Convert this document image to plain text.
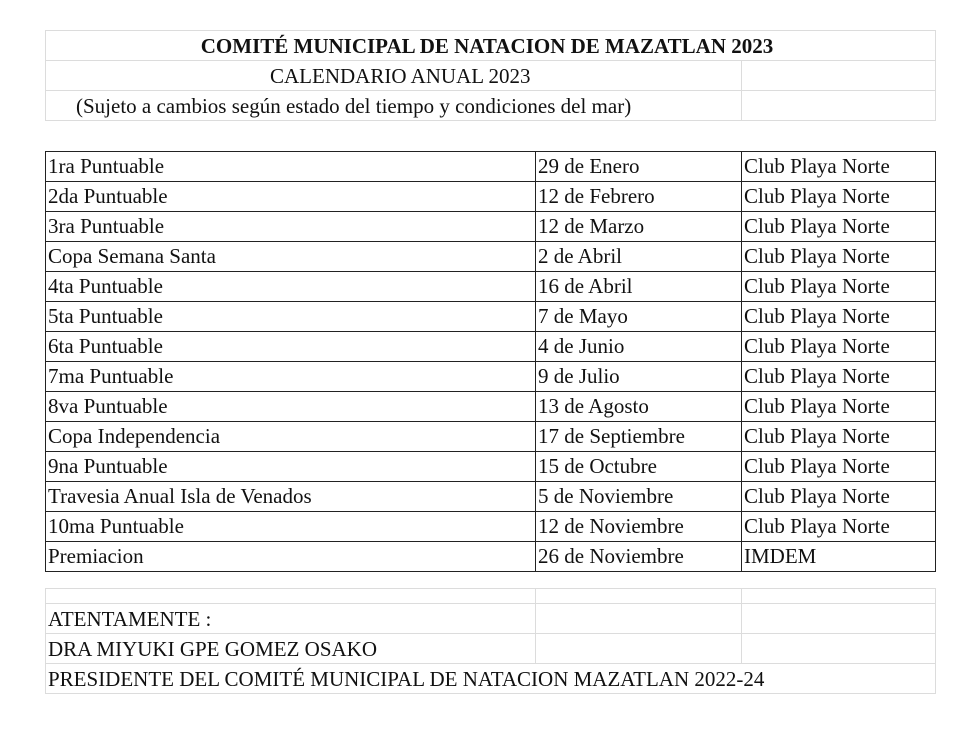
COMITÉ MUNICIPAL DE NATACION DE MAZATLAN 2023
CALENDARIO ANUAL 2023
(Sujeto a cambios según estado del tiempo y condiciones del mar)
1ra Puntuable	29 de Enero	Club Playa Norte
2da Puntuable	12 de Febrero	Club Playa Norte
3ra Puntuable	12 de Marzo	Club Playa Norte
Copa Semana Santa	2 de Abril	Club Playa Norte
4ta Puntuable	16 de Abril	Club Playa Norte
5ta Puntuable	7 de Mayo	Club Playa Norte
6ta Puntuable	4 de Junio	Club Playa Norte
7ma Puntuable	9 de Julio	Club Playa Norte
8va Puntuable	13 de Agosto	Club Playa Norte
Copa Independencia	17 de Septiembre	Club Playa Norte
9na Puntuable	15 de Octubre	Club Playa Norte
Travesia Anual Isla de Venados	5 de Noviembre	Club Playa Norte
10ma Puntuable	12 de Noviembre	Club Playa Norte
Premiacion	26 de Noviembre	IMDEM
ATENTAMENTE :
DRA MIYUKI GPE GOMEZ OSAKO
PRESIDENTE DEL COMITÉ MUNICIPAL DE NATACION MAZATLAN 2022-24
